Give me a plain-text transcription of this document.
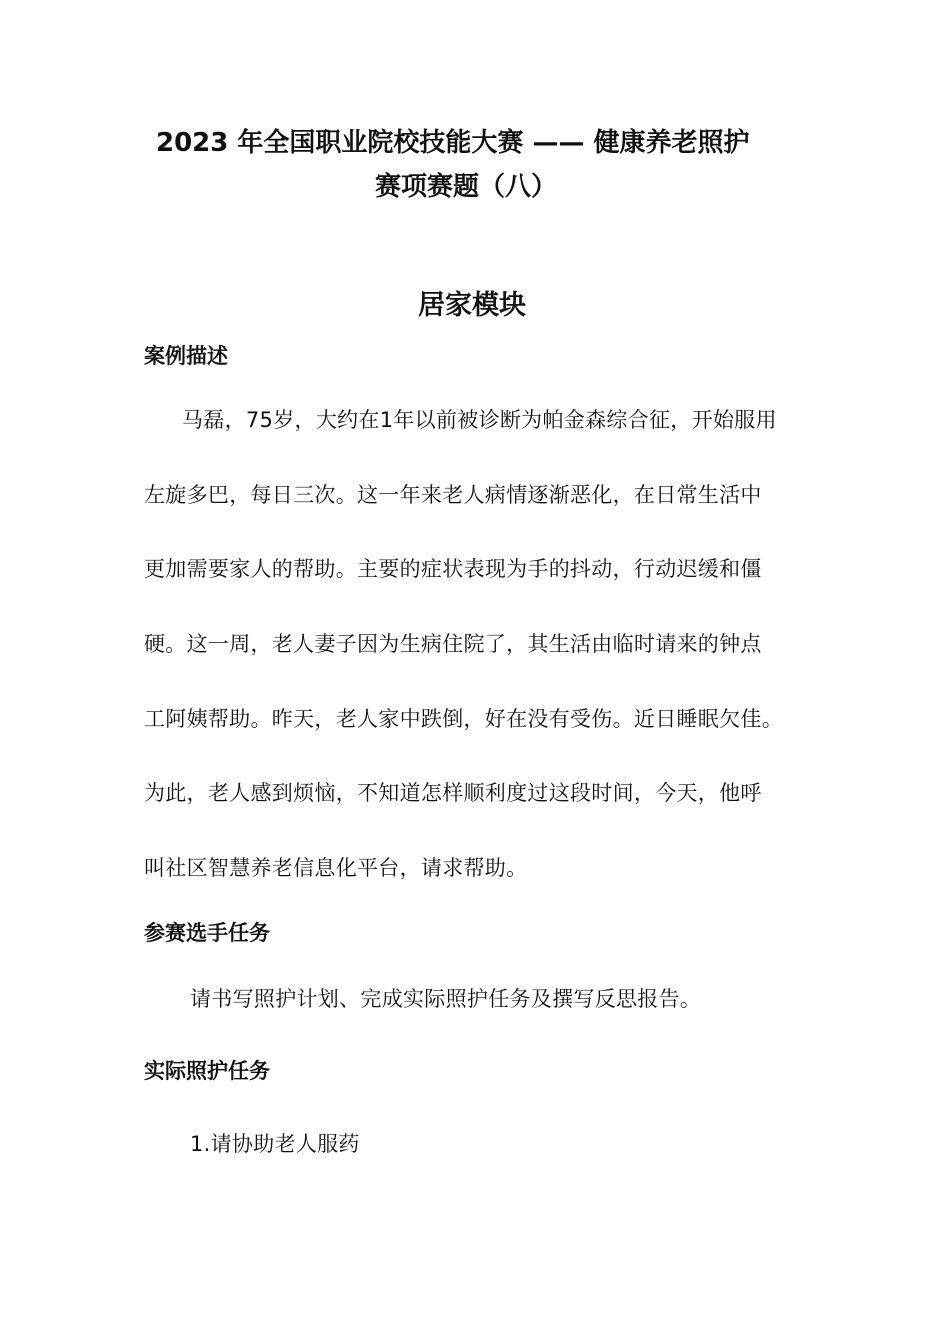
2023 年全国职业院校技能大赛 —— 健康养老照护
赛项赛题（八）
居家模块
案例描述
马磊，75岁，大约在1年以前被诊断为帕金森综合征，开始服用
左旋多巴，每日三次。这一年来老人病情逐渐恶化，在日常生活中
更加需要家人的帮助。主要的症状表现为手的抖动，行动迟缓和僵
硬。这一周，老人妻子因为生病住院了，其生活由临时请来的钟点
工阿姨帮助。昨天，老人家中跌倒，好在没有受伤。近日睡眠欠佳。
为此，老人感到烦恼，不知道怎样顺利度过这段时间，今天，他呼
叫社区智慧养老信息化平台，请求帮助。
参赛选手任务
请书写照护计划、完成实际照护任务及撰写反思报告。
实际照护任务
1.请协助老人服药
